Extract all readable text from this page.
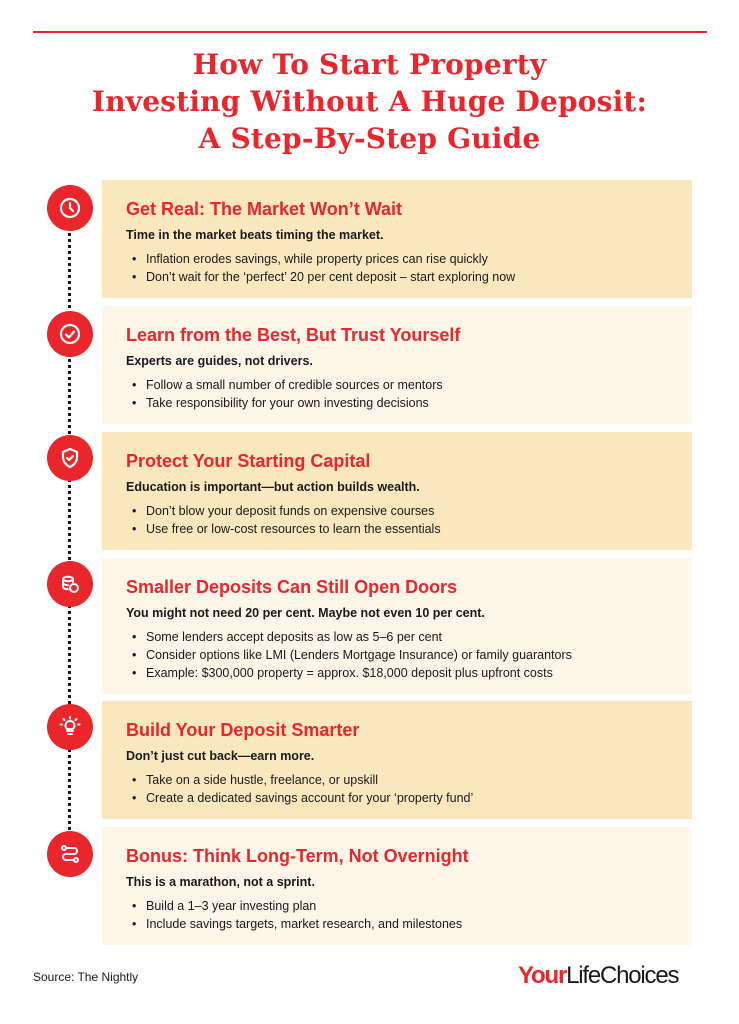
How To Start Property
Investing Without A Huge Deposit:
A Step-By-Step Guide
Get Real: The Market Won’t Wait
Time in the market beats timing the market.
• Inflation erodes savings, while property prices can rise quickly
• Don’t wait for the ‘perfect’ 20 per cent deposit – start exploring now
Learn from the Best, But Trust Yourself
Experts are guides, not drivers.
• Follow a small number of credible sources or mentors
• Take responsibility for your own investing decisions
Protect Your Starting Capital
Education is important—but action builds wealth.
• Don’t blow your deposit funds on expensive courses
• Use free or low-cost resources to learn the essentials
Smaller Deposits Can Still Open Doors
You might not need 20 per cent. Maybe not even 10 per cent.
• Some lenders accept deposits as low as 5–6 per cent
• Consider options like LMI (Lenders Mortgage Insurance) or family guarantors
• Example: $300,000 property = approx. $18,000 deposit plus upfront costs
Build Your Deposit Smarter
Don’t just cut back—earn more.
• Take on a side hustle, freelance, or upskill
• Create a dedicated savings account for your ‘property fund’
Bonus: Think Long-Term, Not Overnight
This is a marathon, not a sprint.
• Build a 1–3 year investing plan
• Include savings targets, market research, and milestones
Source: The Nightly	YourLifeChoices
